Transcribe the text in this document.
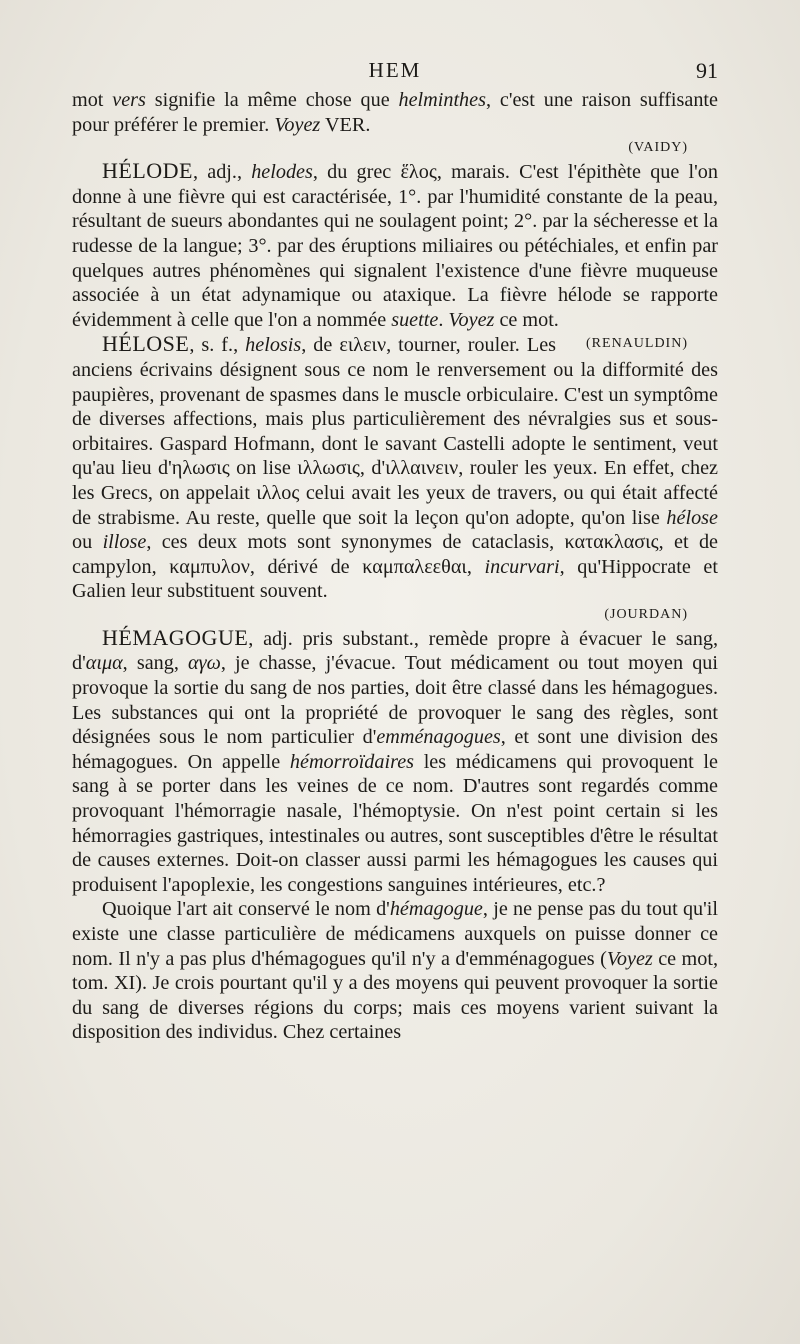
HEM	91

mot vers signifie la même chose que helminthes, c'est une raison suffisante pour préférer le premier. Voyez VER.

(VAIDY)

HÉLODE, adj., helodes, du grec ἕλος, marais. C'est l'épithète que l'on donne à une fièvre qui est caractérisée, 1°. par l'humidité constante de la peau, résultant de sueurs abondantes qui ne soulagent point; 2°. par la sécheresse et la rudesse de la langue; 3°. par des éruptions miliaires ou pétéchiales, et enfin par quelques autres phénomènes qui signalent l'existence d'une fièvre muqueuse associée à un état adynamique ou ataxique. La fièvre hélode se rapporte évidemment à celle que l'on a nommée suette. Voyez ce mot.
(RENAULDIN)

HÉLOSE, s. f., helosis, de ειλειν, tourner, rouler. Les anciens écrivains désignent sous ce nom le renversement ou la difformité des paupières, provenant de spasmes dans le muscle orbiculaire. C'est un symptôme de diverses affections, mais plus particulièrement des névralgies sus et sous-orbitaires. Gaspard Hofmann, dont le savant Castelli adopte le sentiment, veut qu'au lieu d'ηλωσις on lise ιλλωσις, d'ιλλαινειν, rouler les yeux. En effet, chez les Grecs, on appelait ιλλος celui avait les yeux de travers, ou qui était affecté de strabisme. Au reste, quelle que soit la leçon qu'on adopte, qu'on lise hélose ou illose, ces deux mots sont synonymes de cataclasis, κατακλασις, et de campylon, καμπυλον, dérivé de καμπαλεεθαι, incurvari, qu'Hippocrate et Galien leur substituent souvent.

(JOURDAN)

HÉMAGOGUE, adj. pris substant., remède propre à évacuer le sang, d'αιμα, sang, αγω, je chasse, j'évacue. Tout médicament ou tout moyen qui provoque la sortie du sang de nos parties, doit être classé dans les hémagogues. Les substances qui ont la propriété de provoquer le sang des règles, sont désignées sous le nom particulier d'emménagogues, et sont une division des hémagogues. On appelle hémorroïdaires les médicamens qui provoquent le sang à se porter dans les veines de ce nom. D'autres sont regardés comme provoquant l'hémorragie nasale, l'hémoptysie. On n'est point certain si les hémorragies gastriques, intestinales ou autres, sont susceptibles d'être le résultat de causes externes. Doit-on classer aussi parmi les hémagogues les causes qui produisent l'apoplexie, les congestions sanguines intérieures, etc.?

Quoique l'art ait conservé le nom d'hémagogue, je ne pense pas du tout qu'il existe une classe particulière de médicamens auxquels on puisse donner ce nom. Il n'y a pas plus d'hémagogues qu'il n'y a d'emménagogues (Voyez ce mot, tom. XI). Je crois pourtant qu'il y a des moyens qui peuvent provoquer la sortie du sang de diverses régions du corps; mais ces moyens varient suivant la disposition des individus. Chez certaines
